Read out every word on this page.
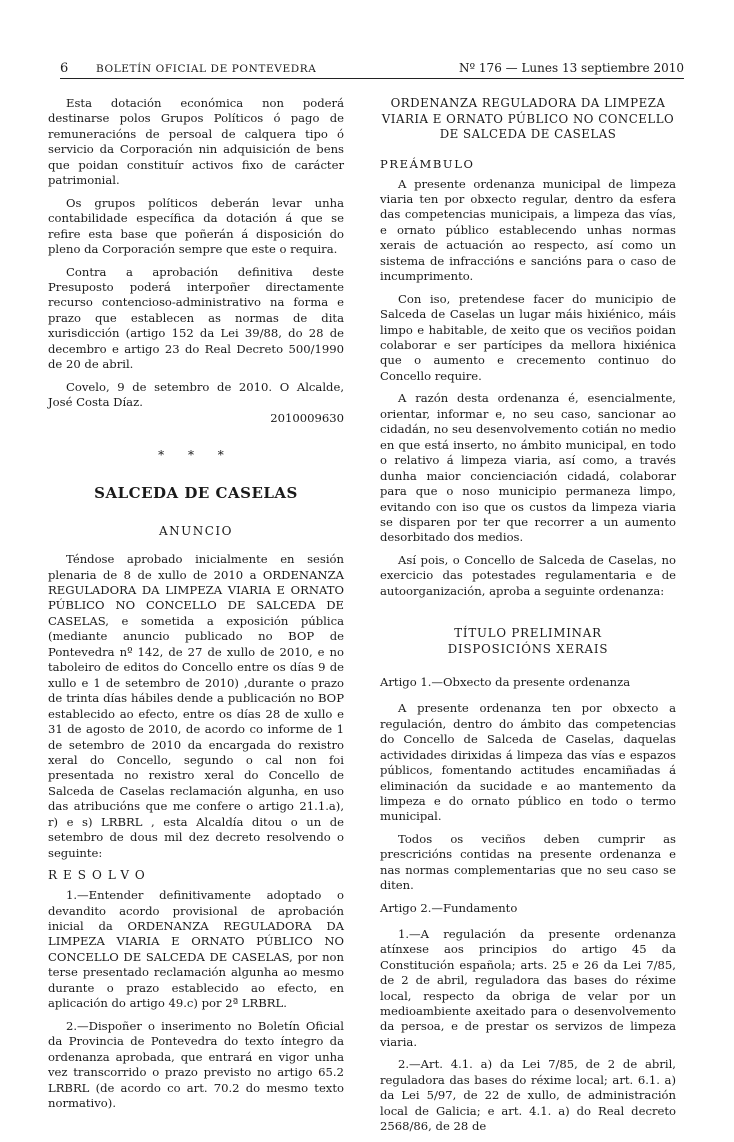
6	BOLETÍN OFICIAL DE PONTEVEDRA	Nº 176 — Lunes 13 septiembre 2010

Esta dotación económica non poderá destinarse polos Grupos Políticos ó pago de remuneracións de persoal de calquera tipo ó servicio da Corporación nin adquisición de bens que poidan constituír activos fixo de carácter patrimonial.

Os grupos políticos deberán levar unha contabilidade específica da dotación á que se refire esta base que poñerán á disposición do pleno da Corporación sempre que este o requira.

Contra a aprobación definitiva deste Presuposto poderá interpoñer directamente recurso contencioso-administrativo na forma e prazo que establecen as normas de dita xurisdicción (artigo 152 da Lei 39/88, do 28 de decembro e artigo 23 do Real Decreto 500/1990 de 20 de abril.

Covelo, 9 de setembro de 2010. O Alcalde, José Costa Díaz.

2010009630
* * *
SALCEDA DE CASELAS
ANUNCIO

Téndose aprobado inicialmente en sesión plenaria de 8 de xullo de 2010 a ORDENANZA REGULADORA DA LIMPEZA VIARIA E ORNATO PÚBLICO NO CONCELLO DE SALCEDA DE CASELAS, e sometida a exposición pública (mediante anuncio publicado no BOP de Pontevedra nº 142, de 27 de xullo de 2010, e no taboleiro de editos do Concello entre os días 9 de xullo e 1 de setembro de 2010) ,durante o prazo de trinta días hábiles dende a publicación no BOP establecido ao efecto, entre os días 28 de xullo e 31 de agosto de 2010, de acordo co informe de 1 de setembro de 2010 da encargada do rexistro xeral do Concello, segundo o cal non foi presentada no rexistro xeral do Concello de Salceda de Caselas reclamación algunha, en uso das atribucións que me confere o artigo 21.1.a), r) e s) LRBRL , esta Alcaldía ditou o un de setembro de dous mil dez decreto resolvendo o seguinte:

RESOLVO

1.—Entender definitivamente adoptado o devandito acordo provisional de aprobación inicial da ORDENANZA REGULADORA DA LIMPEZA VIARIA E ORNATO PÚBLICO NO CONCELLO DE SALCEDA DE CASELAS, por non terse presentado reclamación algunha ao mesmo durante o prazo establecido ao efecto, en aplicación do artigo 49.c) por 2ª LRBRL.

2.—Dispoñer o inserimento no Boletín Oficial da Provincia de Pontevedra do texto íntegro da ordenanza aprobada, que entrará en vigor unha vez transcorrido o prazo previsto no artigo 65.2 LRBRL (de acordo co art. 70.2 do mesmo texto normativo).

ORDENANZA REGULADORA DA LIMPEZA VIARIA E ORNATO PÚBLICO NO CONCELLO DE SALCEDA DE CASELAS
PREÁMBULO

A presente ordenanza municipal de limpeza viaria ten por obxecto regular, dentro da esfera das competencias municipais, a limpeza das vías, e ornato público establecendo unhas normas xerais de actuación ao respecto, así como un sistema de infraccións e sancións para o caso de incumprimento.

Con iso, pretendese facer do municipio de Salceda de Caselas un lugar máis hixiénico, máis limpo e habitable, de xeito que os veciños poidan colaborar e ser partícipes da mellora hixiénica que o aumento e crecemento continuo do Concello require.

A razón desta ordenanza é, esencialmente, orientar, informar e, no seu caso, sancionar ao cidadán, no seu desenvolvemento cotián no medio en que está inserto, no ámbito municipal, en todo o relativo á limpeza viaria, así como, a través dunha maior concienciación cidadá, colaborar para que o noso municipio permaneza limpo, evitando con iso que os custos da limpeza viaria se disparen por ter que recorrer a un aumento desorbitado dos medios.

Así pois, o Concello de Salceda de Caselas, no exercicio das potestades regulamentaria e de autoorganización, aproba a seguinte ordenanza:

TÍTULO PRELIMINAR
DISPOSICIÓNS XERAIS
Artigo 1.—Obxecto da presente ordenanza

A presente ordenanza ten por obxecto a regulación, dentro do ámbito das competencias do Concello de Salceda de Caselas, daquelas actividades dirixidas á limpeza das vías e espazos públicos, fomentando actitudes encamiñadas á eliminación da sucidade e ao mantemento da limpeza e do ornato público en todo o termo municipal.

Todos os veciños deben cumprir as prescricións contidas na presente ordenanza e nas normas complementarias que no seu caso se diten.

Artigo 2.—Fundamento

1.—A regulación da presente ordenanza atínxese aos principios do artigo 45 da Constitución española; arts. 25 e 26 da Lei 7/85, de 2 de abril, reguladora das bases do réxime local, respecto da obriga de velar por un medioambiente axeitado para o desenvolvemento da persoa, e de prestar os servizos de limpeza viaria.

2.—Art. 4.1. a) da Lei 7/85, de 2 de abril, reguladora das bases do réxime local; art. 6.1. a) da Lei 5/97, de 22 de xullo, de administración local de Galicia; e art. 4.1. a) do Real decreto 2568/86, de 28 de
